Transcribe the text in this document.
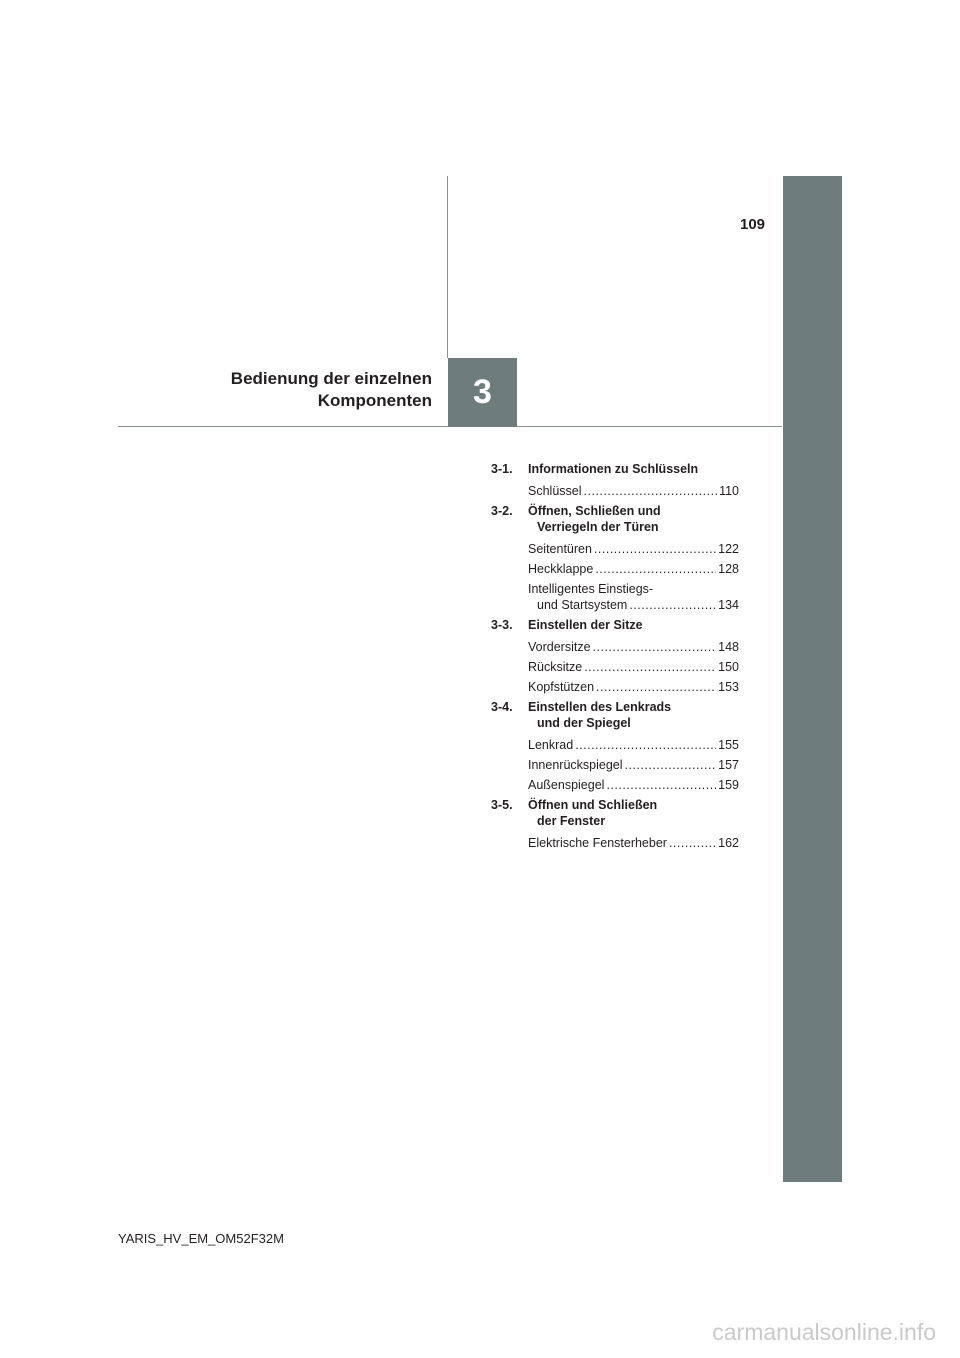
109
3
Bedienung der einzelnen
Komponenten
3-1. Informationen zu Schlüsseln
Schlüssel .....	110
3-2. Öffnen, Schließen und
Verriegeln der Türen
Seitentüren .....	122
Heckklappe .....	128
Intelligentes Einstiegs-
und Startsystem .....	134
3-3. Einstellen der Sitze
Vordersitze .....	148
Rücksitze .....	150
Kopfstützen .....	153
3-4. Einstellen des Lenkrads
und der Spiegel
Lenkrad .....	155
Innenrückspiegel .....	157
Außenspiegel .....	159
3-5. Öffnen und Schließen
der Fenster
Elektrische Fensterheber .....	162
YARIS_HV_EM_OM52F32M
carmanualsonline.info
